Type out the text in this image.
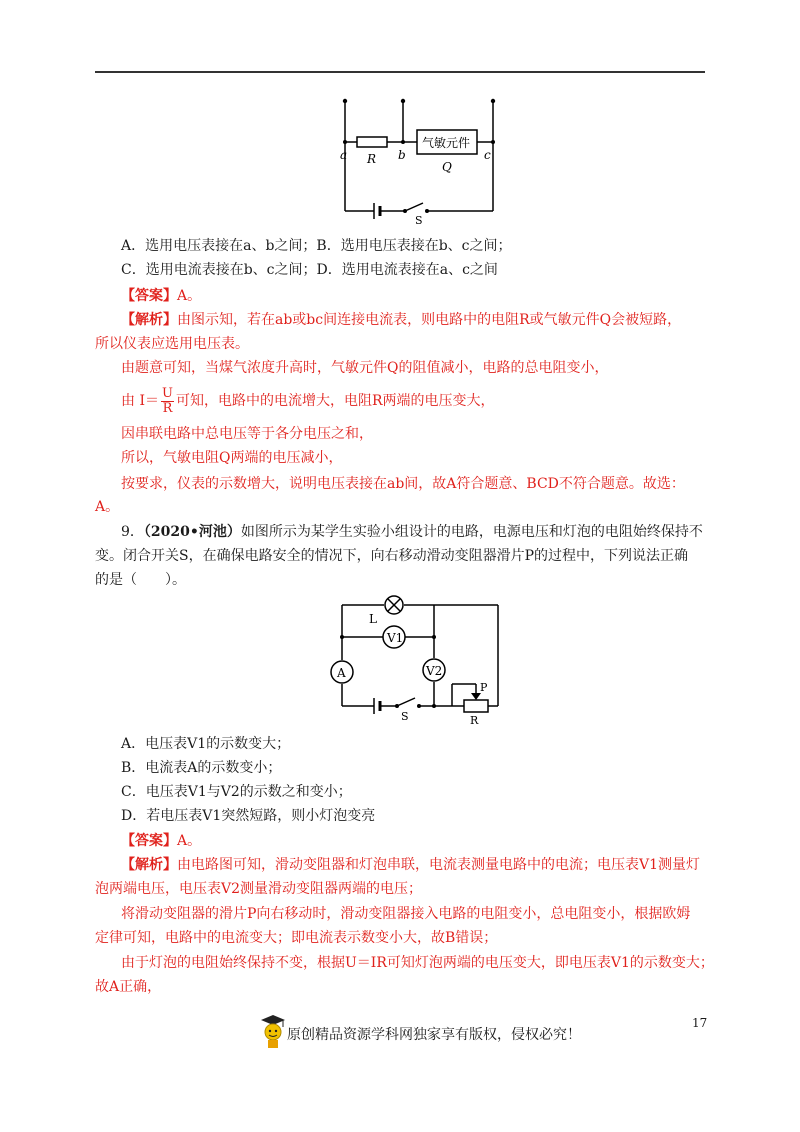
a	b	c
R
气敏元件
Q
S
A．选用电压表接在a、b之间；B．选用电压表接在b、c之间；
C．选用电流表接在b、c之间；D．选用电流表接在a、c之间
【答案】A。
【解析】由图示知，若在ab或bc间连接电流表，则电路中的电阻R或气敏元件Q会被短路，
所以仪表应选用电压表。
由题意可知，当煤气浓度升高时，气敏元件Q的阻值减小，电路的总电阻变小，
由 $I= \frac{U}{R}$ 可知，电路中的电流增大，电阻R两端的电压变大，
因串联电路中总电压等于各分电压之和，
所以，气敏电阻Q两端的电压减小，
按要求，仪表的示数增大，说明电压表接在ab间，故A符合题意、BCD不符合题意。故选：
A。
9．（2020•河池）如图所示为某学生实验小组设计的电路，电源电压和灯泡的电阻始终保持不
变。闭合开关S，在确保电路安全的情况下，向右移动滑动变阻器滑片P的过程中，下列说法正确
的是（　　）。
L
A
V1
V2
S
P
R
A．电压表V1的示数变大；
B．电流表A的示数变小；
C．电压表V1与V2的示数之和变小；
D．若电压表V1突然短路，则小灯泡变亮
【答案】A。
【解析】由电路图可知，滑动变阻器和灯泡串联，电流表测量电路中的电流；电压表V1测量灯
泡两端电压，电压表V2测量滑动变阻器两端的电压；
将滑动变阻器的滑片P向右移动时，滑动变阻器接入电路的电阻变小，总电阻变小，根据欧姆
定律可知，电路中的电流变大；即电流表示数变小大，故B错误；
由于灯泡的电阻始终保持不变，根据U＝IR可知灯泡两端的电压变大，即电压表V1的示数变大；
故A正确，
17
原创精品资源学科网独家享有版权，侵权必究！
